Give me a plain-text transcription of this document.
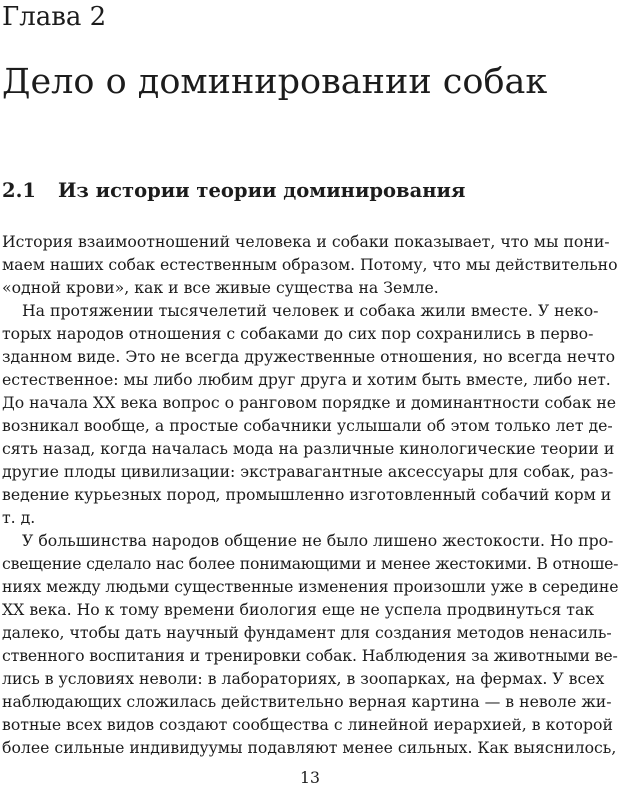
Глава 2
Дело о доминировании собак
2.1 Из истории теории доминирования
История взаимоотношений человека и собаки показывает, что мы пони-
маем наших собак естественным образом. Потому, что мы действительно
«одной крови», как и все живые существа на Земле.
На протяжении тысячелетий человек и собака жили вместе. У неко-
торых народов отношения с собаками до сих пор сохранились в перво-
зданном виде. Это не всегда дружественные отношения, но всегда нечто
естественное: мы либо любим друг друга и хотим быть вместе, либо нет.
До начала XX века вопрос о ранговом порядке и доминантности собак не
возникал вообще, а простые собачники услышали об этом только лет де-
сять назад, когда началась мода на различные кинологические теории и
другие плоды цивилизации: экстравагантные аксессуары для собак, раз-
ведение курьезных пород, промышленно изготовленный собачий корм и
т. д.
У большинства народов общение не было лишено жестокости. Но про-
свещение сделало нас более понимающими и менее жестокими. В отноше-
ниях между людьми существенные изменения произошли уже в середине
XX века. Но к тому времени биология еще не успела продвинуться так
далеко, чтобы дать научный фундамент для создания методов ненасиль-
ственного воспитания и тренировки собак. Наблюдения за животными ве-
лись в условиях неволи: в лабораториях, в зоопарках, на фермах. У всех
наблюдающих сложилась действительно верная картина — в неволе жи-
вотные всех видов создают сообщества с линейной иерархией, в которой
более сильные индивидуумы подавляют менее сильных. Как выяснилось,
13
